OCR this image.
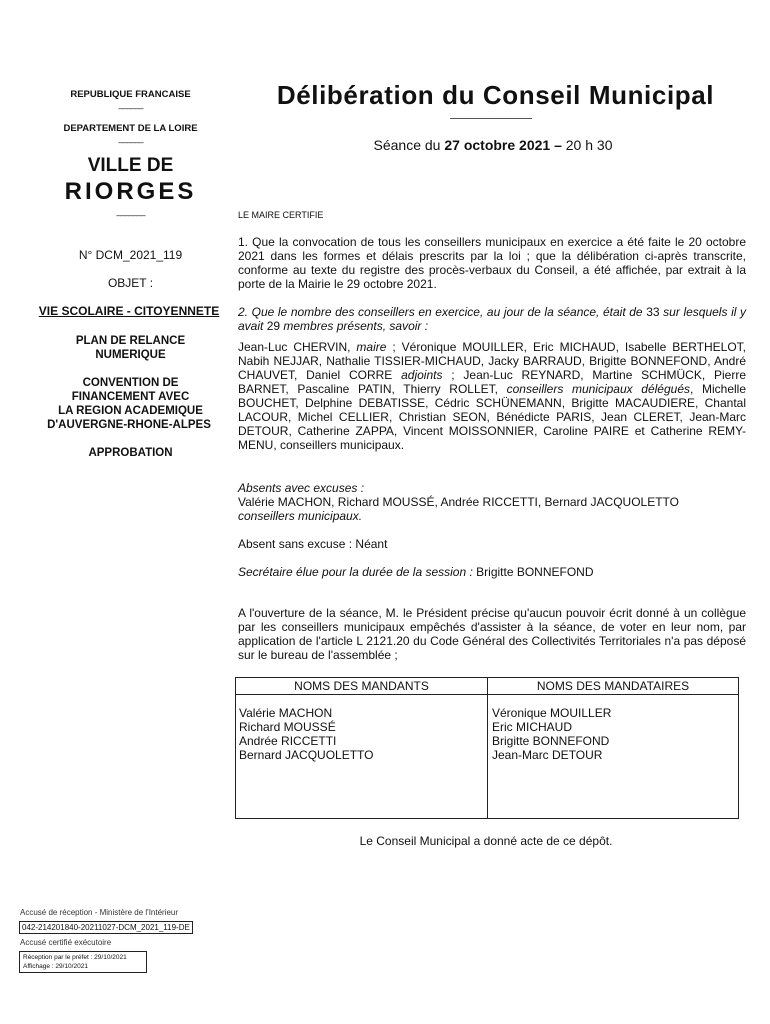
REPUBLIQUE FRANCAISE
______
DEPARTEMENT DE LA LOIRE
______
VILLE DE
RIORGES
_______
N° DCM_2021_119
OBJET :
VIE SCOLAIRE - CITOYENNETE
PLAN DE RELANCE NUMERIQUE
CONVENTION DE
FINANCEMENT AVEC
LA REGION ACADEMIQUE
D'AUVERGNE-RHONE-ALPES
APPROBATION
Délibération du Conseil Municipal
Séance du 27 octobre 2021 – 20 h 30
LE MAIRE CERTIFIE
1. Que la convocation de tous les conseillers municipaux en exercice a été faite le 20 octobre 2021 dans les formes et délais prescrits par la loi ; que la délibération ci-après transcrite, conforme au texte du registre des procès-verbaux du Conseil, a été affichée, par extrait à la porte de la Mairie le 29 octobre 2021.
2. Que le nombre des conseillers en exercice, au jour de la séance, était de 33 sur lesquels il y avait 29 membres présents, savoir :
Jean-Luc CHERVIN, maire ; Véronique MOUILLER, Eric MICHAUD, Isabelle BERTHELOT, Nabih NEJJAR, Nathalie TISSIER-MICHAUD, Jacky BARRAUD, Brigitte BONNEFOND, André CHAUVET, Daniel CORRE adjoints ; Jean-Luc REYNARD, Martine SCHMÜCK, Pierre BARNET, Pascaline PATIN, Thierry ROLLET, conseillers municipaux délégués, Michelle BOUCHET, Delphine DEBATISSE, Cédric SCHÜNEMANN, Brigitte MACAUDIERE, Chantal LACOUR, Michel CELLIER, Christian SEON, Bénédicte PARIS, Jean CLERET, Jean-Marc DETOUR, Catherine ZAPPA, Vincent MOISSONNIER, Caroline PAIRE et Catherine REMY-MENU, conseillers municipaux.
Absents avec excuses :
Valérie MACHON, Richard MOUSSÉ, Andrée RICCETTI, Bernard JACQUOLETTO
conseillers municipaux.
Absent sans excuse : Néant
Secrétaire élue pour la durée de la session : Brigitte BONNEFOND
A l'ouverture de la séance, M. le Président précise qu'aucun pouvoir écrit donné à un collègue par les conseillers municipaux empêchés d'assister à la séance, de voter en leur nom, par application de l'article L 2121.20 du Code Général des Collectivités Territoriales n'a pas déposé sur le bureau de l'assemblée ;
NOMS DES MANDANTS	NOMS DES MANDATAIRES
Valérie MACHON
Richard MOUSSÉ
Andrée RICCETTI
Bernard JACQUOLETTO
Véronique MOUILLER
Eric MICHAUD
Brigitte BONNEFOND
Jean-Marc DETOUR
Le Conseil Municipal a donné acte de ce dépôt.
Accusé de réception - Ministère de l'Intérieur
042-214201840-20211027-DCM_2021_119-DE
Accusé certifié exécutoire
Réception par le préfet : 29/10/2021
Affichage : 29/10/2021
